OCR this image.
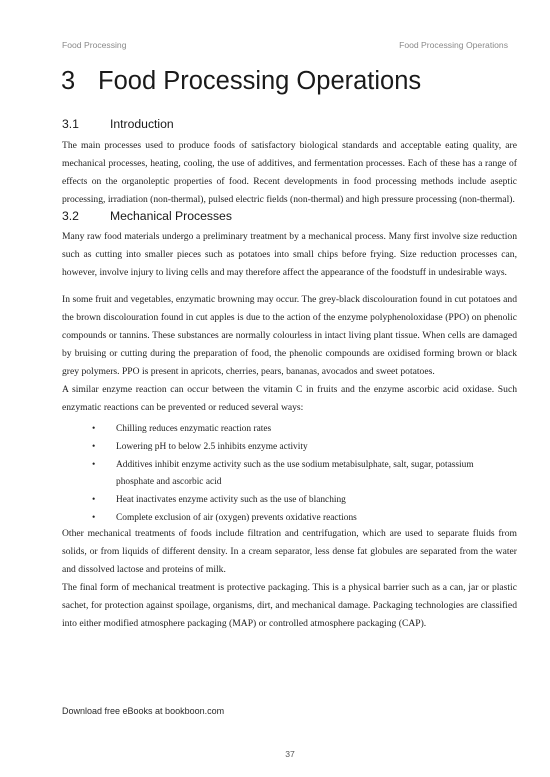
Food Processing	Food Processing Operations
3 Food Processing Operations
3.1	Introduction

The main processes used to produce foods of satisfactory biological standards and acceptable eating quality, are mechanical processes, heating, cooling, the use of additives, and fermentation processes. Each of these has a range of effects on the organoleptic properties of food. Recent developments in food processing methods include aseptic processing, irradiation (non-thermal), pulsed electric fields (non-thermal) and high pressure processing (non-thermal).

3.2	Mechanical Processes

Many raw food materials undergo a preliminary treatment by a mechanical process. Many first involve size reduction such as cutting into smaller pieces such as potatoes into small chips before frying. Size reduction processes can, however, involve injury to living cells and may therefore affect the appearance of the foodstuff in undesirable ways.

In some fruit and vegetables, enzymatic browning may occur. The grey-black discolouration found in cut potatoes and the brown discolouration found in cut apples is due to the action of the enzyme polyphenoloxidase (PPO) on phenolic compounds or tannins. These substances are normally colourless in intact living plant tissue. When cells are damaged by bruising or cutting during the preparation of food, the phenolic compounds are oxidised forming brown or black grey polymers. PPO is present in apricots, cherries, pears, bananas, avocados and sweet potatoes.

A similar enzyme reaction can occur between the vitamin C in fruits and the enzyme ascorbic acid oxidase. Such enzymatic reactions can be prevented or reduced several ways:

• Chilling reduces enzymatic reaction rates
• Lowering pH to below 2.5 inhibits enzyme activity
• Additives inhibit enzyme activity such as the use sodium metabisulphate, salt, sugar, potassium phosphate and ascorbic acid
• Heat inactivates enzyme activity such as the use of blanching
• Complete exclusion of air (oxygen) prevents oxidative reactions

Other mechanical treatments of foods include filtration and centrifugation, which are used to separate fluids from solids, or from liquids of different density. In a cream separator, less dense fat globules are separated from the water and dissolved lactose and proteins of milk.

The final form of mechanical treatment is protective packaging. This is a physical barrier such as a can, jar or plastic sachet, for protection against spoilage, organisms, dirt, and mechanical damage. Packaging technologies are classified into either modified atmosphere packaging (MAP) or controlled atmosphere packaging (CAP).

Download free eBooks at bookboon.com
37
